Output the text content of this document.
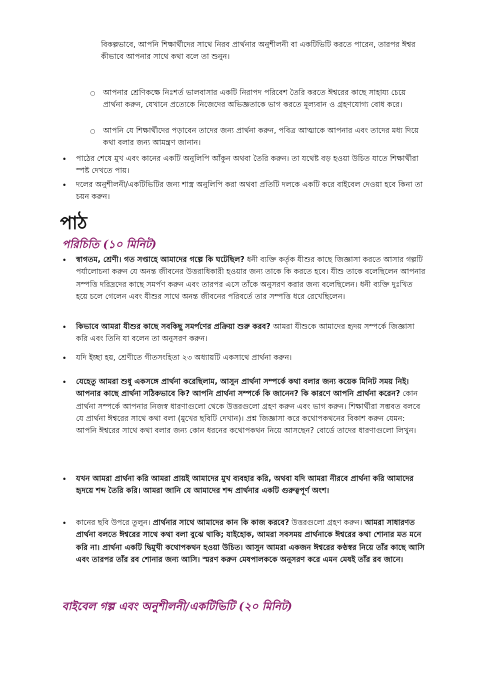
বিকল্পভাবে, আপনি শিক্ষার্থীদের সাথে নিরব প্রার্থনার অনুশীলনী বা একটিভিটি করতে পারেন, তারপর ঈশ্বর কীভাবে আপনার সাথে কথা বলে তা শুনুন।

○ আপনার শ্রেণিকক্ষে নিঃশর্ত ভালবাসার একটি নিরাপদ পরিবেশ তৈরি করতে ঈশ্বরের কাছে সাহায্য চেয়ে প্রার্থনা করুন, যেখানে প্রত্যেকে নিজেদের অভিজ্ঞতাকে ভাগ করতে মূল্যবান ও গ্রহণযোগ্য বোধ করে।

○ আপনি যে শিক্ষার্থীদের পড়াবেন তাদের জন্য প্রার্থনা করুন, পবিত্র আত্মাকে আপনার এবং তাদের মধ্য দিয়ে কথা বলার জন্য আমন্ত্রণ জানান।

• পাঠের শেষে মুখ এবং কানের একটি অনুলিপি আঁকুন অথবা তৈরি করুন। তা যথেষ্ট বড় হওয়া উচিত যাতে শিক্ষার্থীরা স্পষ্ট দেখতে পায়।

• দলের অনুশীলনী/একটিভিটির জন্য শাস্ত্র অনুলিপি করা অথবা প্রতিটি দলকে একটি করে বাইবেল দেওয়া হবে কিনা তা চয়ন করুন।

পাঠ
পরিচিতি (১০ মিনিট)
• স্বাগতম, শ্রেণী। গত সপ্তাহে আমাদের গল্পে কি ঘটেছিল? ধনী ব্যক্তি কর্তৃক যীশুর কাছে জিজ্ঞাসা করতে আসার গল্পটি পর্যালোচনা করুন যে অনন্ত জীবনের উত্তরাধিকারী হওয়ার জন্য তাকে কি করতে হবে। যীশু তাকে বলেছিলেন আপনার সম্পত্তি দরিদ্রদের কাছে সমর্পণ করুন এবং তারপর এসে তাঁকে অনুসরণ করার জন্য বলেছিলেন। ধনী ব্যক্তি দুঃখিত হয়ে চলে গেলেন এবং যীশুর সাথে অনন্ত জীবনের পরিবর্তে তার সম্পত্তি ধরে রেখেছিলেন।

• কিভাবে আমরা যীশুর কাছে সবকিছু সমর্পণের প্রক্রিয়া শুরু করব? আমরা যীশুকে আমাদের হৃদয় সম্পর্কে জিজ্ঞাসা করি এবং তিনি যা বলেন তা অনুসরণ করুন।

• যদি ইচ্ছা হয়, শ্রেণীতে গীতসংহিতা ২৩ অধ্যায়টি একসাথে প্রার্থনা করুন।

• যেহেতু আমরা শুধু একসঙ্গে প্রার্থনা করেছিলাম, আসুন প্রার্থনা সম্পর্কে কথা বলার জন্য কয়েক মিনিট সময় নিই। আপনার কাছে প্রার্থনা সঠিকভাবে কি? আপনি প্রার্থনা সম্পর্কে কি জানেন? কি কারণে আপনি প্রার্থনা করেন? কোন প্রার্থনা সম্পর্কে আপনার নিজস্ব ধারণাগুলো থেকে উত্তরগুলো গ্রহণ করুন এবং ভাগ করুন। শিক্ষার্থীরা সম্ভবত বলবে যে প্রার্থনা ঈশ্বরের সাথে কথা বলা (মুখের ছবিটি দেখান)। প্রশ্ন জিজ্ঞাসা করে কথোপকথনের বিকাশ করুন যেমন: আপনি ঈশ্বরের সাথে কথা বলার জন্য কোন ধরনের কথোপকথন নিয়ে আসছেন? বোর্ডে তাদের ধারণাগুলো লিখুন।

• যখন আমরা প্রার্থনা করি আমরা প্রায়ই আমাদের মুখ ব্যবহার করি, অথবা যদি আমরা নীরবে প্রার্থনা করি আমাদের হৃদয়ে শব্দ তৈরি করি। আমরা জানি যে আমাদের শব্দ প্রার্থনার একটি গুরুত্বপূর্ণ অংশ।

• কানের ছবি উপরে তুলুন। প্রার্থনার সাথে আমাদের কান কি কাজ করবে? উত্তরগুলো গ্রহণ করুন। আমরা সাধারণত প্রার্থনা বলতে ঈশ্বরের সাথে কথা বলা বুঝে থাকি; যাইহোক, আমরা সবসময় প্রার্থনাকে ঈশ্বরের কথা শোনার মত মনে করি না। প্রার্থনা একটি দ্বিমুখী কথোপকথন হওয়া উচিত। আসুন আমরা একজন ঈশ্বরের কণ্ঠস্বর নিয়ে তাঁর কাছে আসি এবং তারপর তাঁর রব শোনার জন্য আসি। স্মরণ করুন মেষপালককে অনুসরণ করে এমন মেষই তাঁর রব জানে।

বাইবেল গল্প এবং অনুশীলনী/একটিভিটি (২০ মিনিট)
